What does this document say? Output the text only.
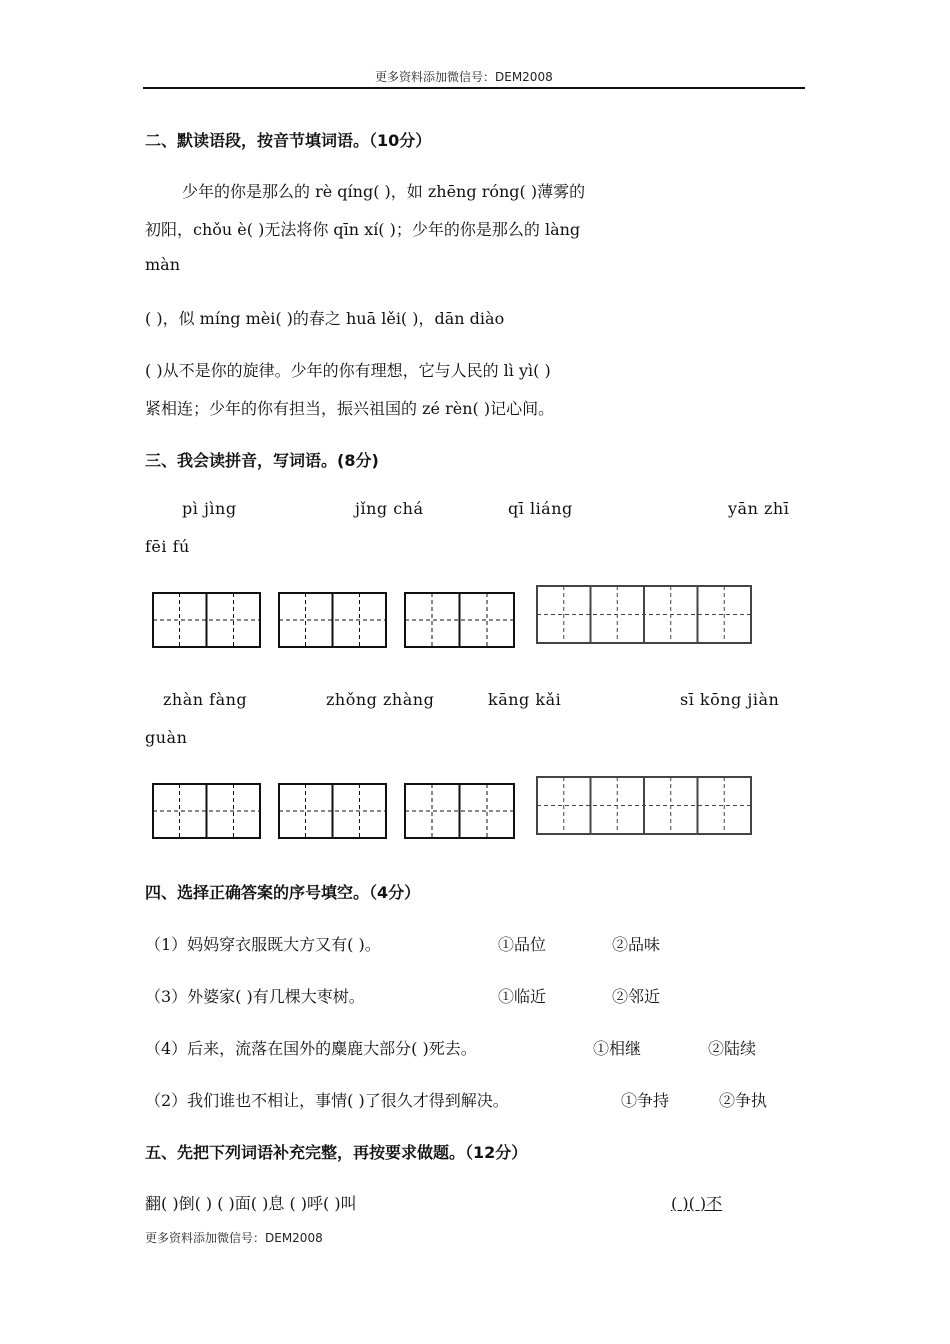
更多资料添加微信号：DEM2008
二、默读语段，按音节填词语。（10分）
少年的你是那么的 rè qíng( )，如 zhēng róng( )薄雾的
初阳，chǒu è( )无法将你 qīn xí( )；少年的你是那么的 làng
màn
( )，似 míng mèi( )的春之 huā lěi( )，dān diào
( )从不是你的旋律。少年的你有理想，它与人民的 lì yì( )
紧相连；少年的你有担当，振兴祖国的 zé rèn( )记心间。
三、我会读拼音，写词语。(8分)
pì jìng	jǐng chá	qī liáng	yān zhī
fēi fú
zhàn fàng	zhǒng zhàng	kāng kǎi	sī kōng jiàn
guàn
四、选择正确答案的序号填空。（4分）
（1）妈妈穿衣服既大方又有( )。	①品位	②品味
（3）外婆家( )有几棵大枣树。	①临近	②邻近
（4）后来，流落在国外的麋鹿大部分( )死去。	①相继	②陆续
（2）我们谁也不相让，事情( )了很久才得到解决。	①争持	②争执
五、先把下列词语补充完整，再按要求做题。（12分）
翻( )倒( ) ( )面( )息 ( )呼( )叫	( )( )不
更多资料添加微信号：DEM2008
